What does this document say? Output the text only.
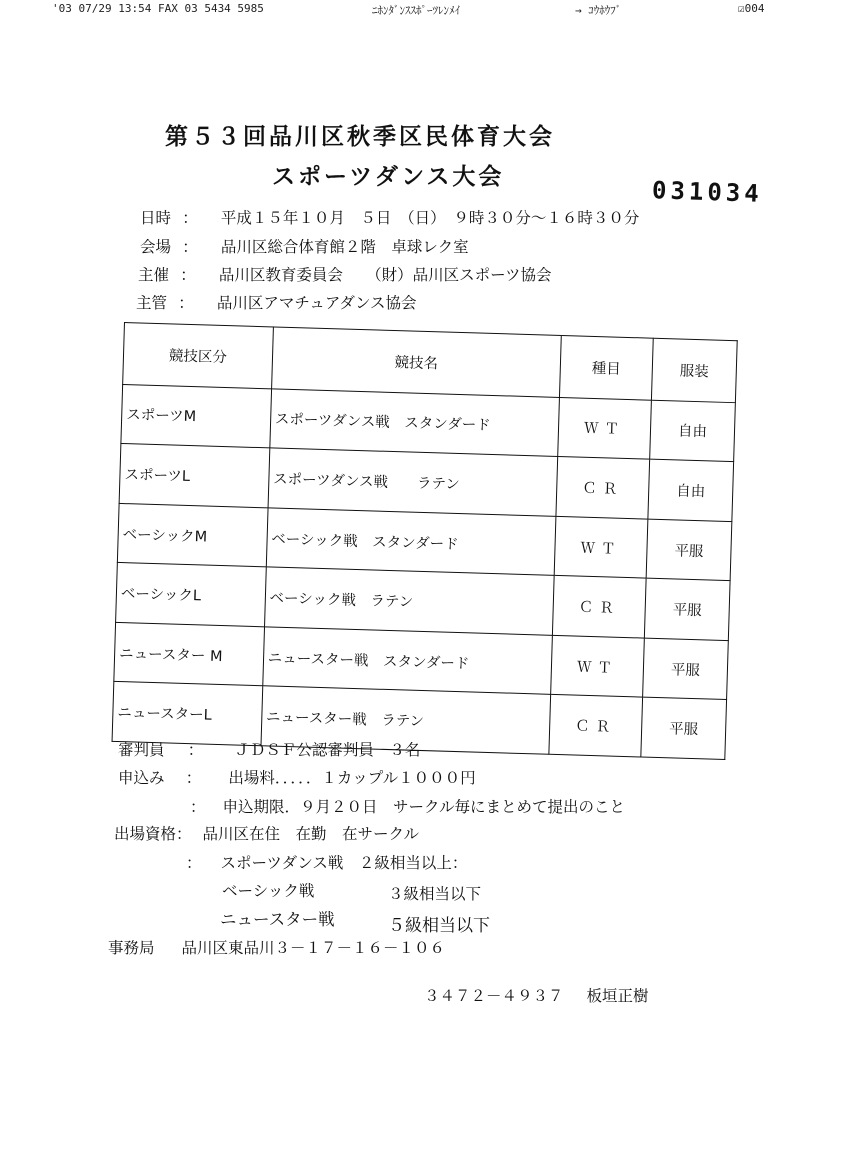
'03 07/29 13:54 FAX 03 5434 5985	ﾆﾎﾝﾀﾞﾝｽｽﾎﾟｰﾂﾚﾝﾒｲ	→ ｺｳﾎｳﾌﾞ	☑004
第５３回品川区秋季区民体育大会
スポーツダンス大会	031034
日時 ： 平成１５年１０月　５日　（日）　９時３０分～１６時３０分
会場 ： 品川区総合体育館２階　卓球レク室
主催 ： 品川区教育委員会　　（財）品川区スポーツ協会
主管 ： 品川区アマチュアダンス協会
競技区分	競技名	種目	服装
スポーツM	スポーツダンス戦　スタンダード	ＷＴ	自由
スポーツL	スポーツダンス戦　　ラテン	ＣＲ	自由
ベーシックM	ベーシック戦　スタンダード	ＷＴ	平服
ベーシックL	ベーシック戦　ラテン	ＣＲ	平服
ニュースター M	ニュースター戦　スタンダード	ＷＴ	平服
ニュースターL	ニュースター戦　ラテン	ＣＲ	平服
審判員 ： ＪＤＳＦ公認審判員　３名
申込み ： 出場料．．．．．１カップル１０００円
： 申込期限．９月２０日　サークル毎にまとめて提出のこと
出場資格： 品川区在住　在勤　在サークル
： スポーツダンス戦　２級相当以上：
ベーシック戦	３級相当以下
ニュースター戦	５級相当以下
事務局 品川区東品川３－１７－１６－１０６
３４７２－４９３７ 板垣正樹
